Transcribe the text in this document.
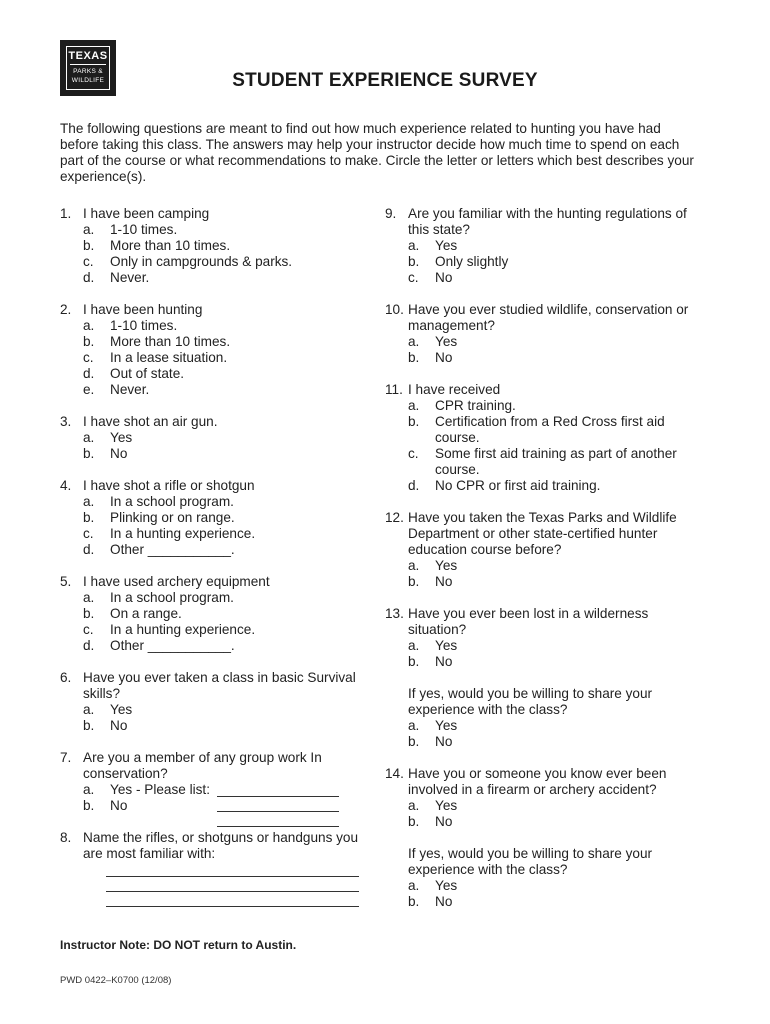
TEXAS
PARKS &
WILDLIFE	STUDENT EXPERIENCE SURVEY
The following questions are meant to find out how much experience related to hunting you have had before taking this class. The answers may help your instructor decide how much time to spend on each part of the course or what recommendations to make. Circle the letter or letters which best describes your experience(s).
1. I have been camping
a. 1-10 times.
b. More than 10 times.
c. Only in campgrounds & parks.
d. Never.
2. I have been hunting
a. 1-10 times.
b. More than 10 times.
c. In a lease situation.
d. Out of state.
e. Never.
3. I have shot an air gun.
a. Yes
b. No
4. I have shot a rifle or shotgun
a. In a school program.
b. Plinking or on range.
c. In a hunting experience.
d. Other ___________.
5. I have used archery equipment
a. In a school program.
b. On a range.
c. In a hunting experience.
d. Other ___________.
6. Have you ever taken a class in basic Survival skills?
a. Yes
b. No
7. Are you a member of any group work In conservation?
a. Yes - Please list:
b. No
8. Name the rifles, or shotguns or handguns you are most familiar with:
9. Are you familiar with the hunting regulations of this state?
a. Yes
b. Only slightly
c. No
10. Have you ever studied wildlife, conservation or management?
a. Yes
b. No
11. I have received
a. CPR training.
b. Certification from a Red Cross first aid course.
c. Some first aid training as part of another course.
d. No CPR or first aid training.
12. Have you taken the Texas Parks and Wildlife Department or other state-certified hunter education course before?
a. Yes
b. No
13. Have you ever been lost in a wilderness situation?
a. Yes
b. No
If yes, would you be willing to share your experience with the class?
a. Yes
b. No
14. Have you or someone you know ever been involved in a firearm or archery accident?
a. Yes
b. No
If yes, would you be willing to share your experience with the class?
a. Yes
b. No
Instructor Note: DO NOT return to Austin.
PWD 0422–K0700 (12/08)
